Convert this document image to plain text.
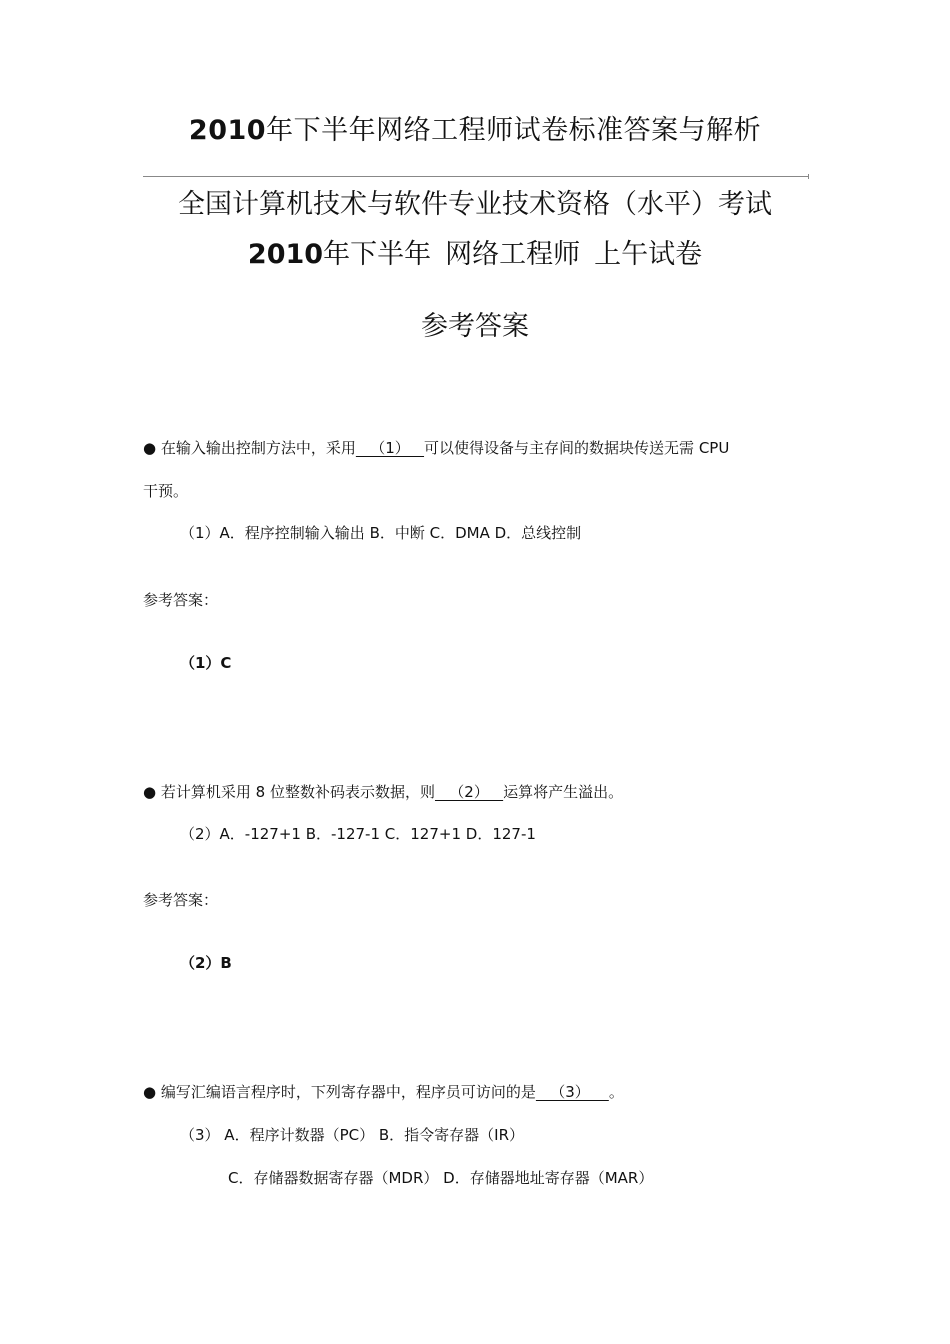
2010年下半年网络工程师试卷标准答案与解析
全国计算机技术与软件专业技术资格（水平）考试
2010年下半年 网络工程师 上午试卷
参考答案
● 在输入输出控制方法中，采用   （1）   可以使得设备与主存间的数据块传送无需 CPU
干预。
（1）A．程序控制输入输出 B．中断 C．DMA D．总线控制
参考答案：
（1）C
● 若计算机采用 8 位整数补码表示数据，则   （2）   运算将产生溢出。
（2）A．-127+1 B．-127-1 C．127+1 D．127-1
参考答案：
（2）B
● 编写汇编语言程序时，下列寄存器中，程序员可访问的是   （3）    。
（3） A．程序计数器（PC） B．指令寄存器（IR）
C．存储器数据寄存器（MDR） D．存储器地址寄存器（MAR）
